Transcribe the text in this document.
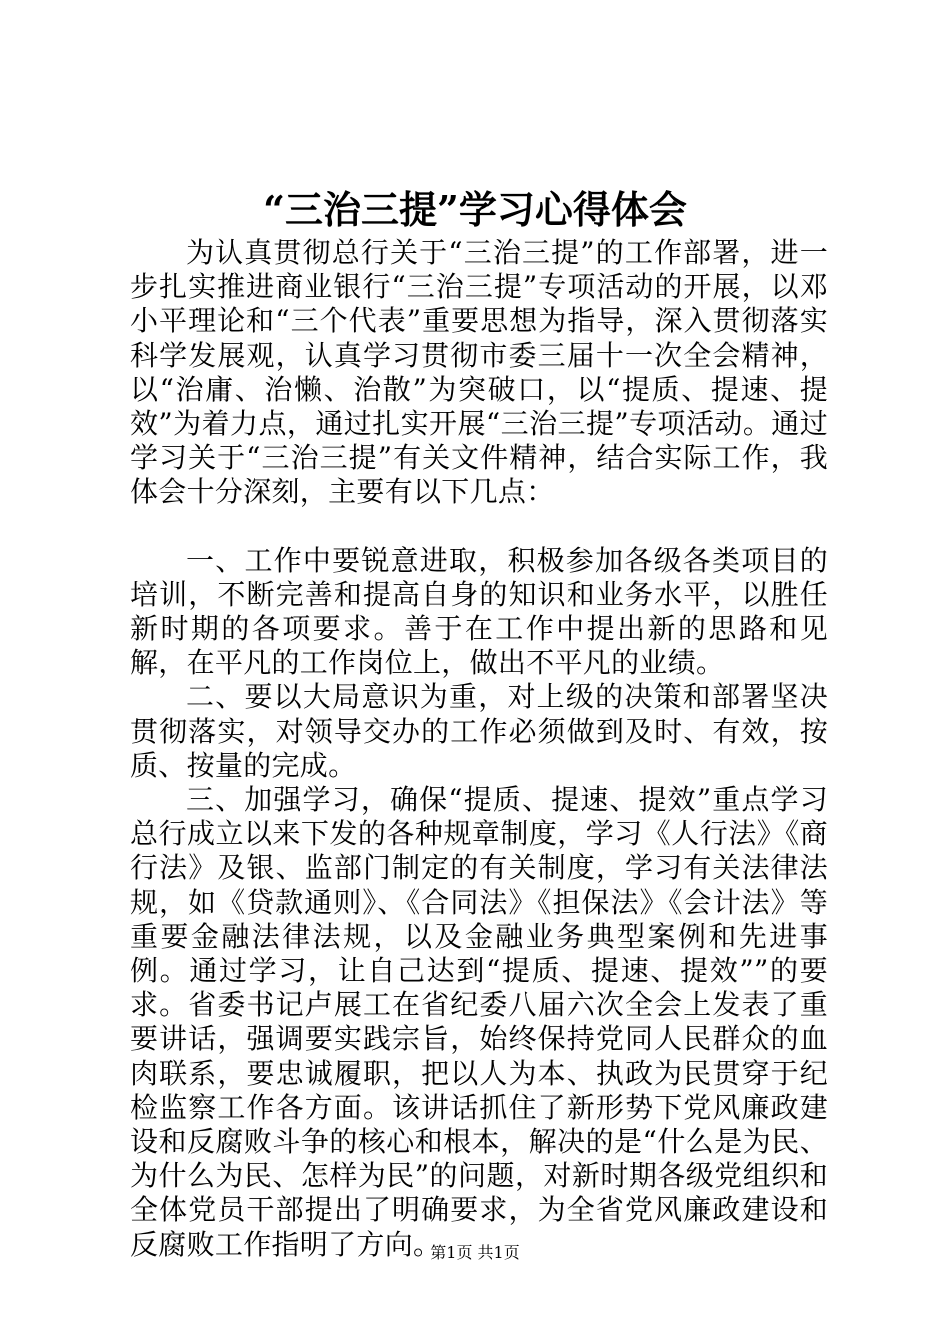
“三治三提”学习心得体会

为认真贯彻总行关于“三治三提”的工作部署，进一步扎实推进商业银行“三治三提”专项活动的开展，以邓小平理论和“三个代表”重要思想为指导，深入贯彻落实科学发展观，认真学习贯彻市委三届十一次全会精神，以“治庸、治懒、治散”为突破口，以“提质、提速、提效”为着力点，通过扎实开展“三治三提”专项活动。通过学习关于“三治三提”有关文件精神，结合实际工作，我体会十分深刻，主要有以下几点：

一、工作中要锐意进取，积极参加各级各类项目的培训，不断完善和提高自身的知识和业务水平，以胜任新时期的各项要求。善于在工作中提出新的思路和见解，在平凡的工作岗位上，做出不平凡的业绩。

二、要以大局意识为重，对上级的决策和部署坚决贯彻落实，对领导交办的工作必须做到及时、有效，按质、按量的完成。

三、加强学习，确保“提质、提速、提效”重点学习总行成立以来下发的各种规章制度，学习《人行法》《商行法》及银、监部门制定的有关制度，学习有关法律法规，如《贷款通则》、《合同法》《担保法》《会计法》等重要金融法律法规，以及金融业务典型案例和先进事例。通过学习，让自己达到“提质、提速、提效””的要求。省委书记卢展工在省纪委八届六次全会上发表了重要讲话，强调要实践宗旨，始终保持党同人民群众的血肉联系，要忠诚履职，把以人为本、执政为民贯穿于纪检监察工作各方面。该讲话抓住了新形势下党风廉政建设和反腐败斗争的核心和根本，解决的是“什么是为民、为什么为民、怎样为民”的问题，对新时期各级党组织和全体党员干部提出了明确要求，为全省党风廉政建设和反腐败工作指明了方向。

第1页 共1页
